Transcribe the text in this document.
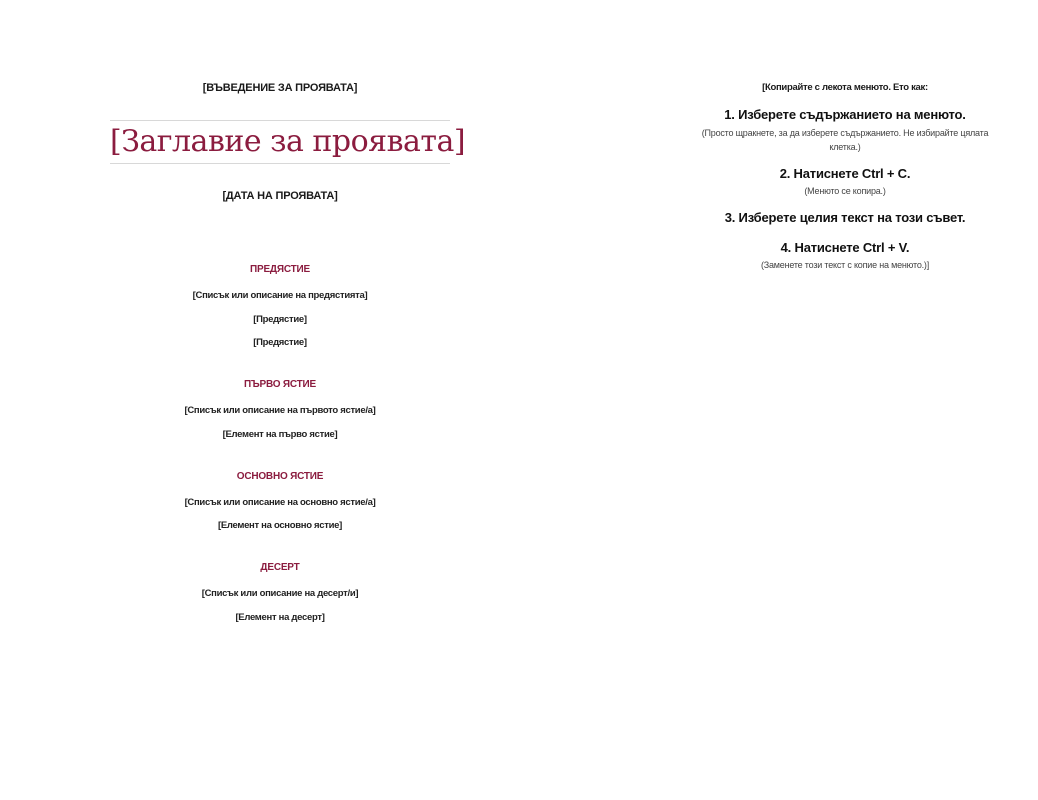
[ВЪВЕДЕНИЕ ЗА ПРОЯВАТА]
[Заглавие за проявата]
[ДАТА НА ПРОЯВАТА]
ПРЕДЯСТИЕ
[Списък или описание на предястията]
[Предястие]
[Предястие]
ПЪРВО ЯСТИЕ
[Списък или описание на първото ястие/а]
[Елемент на първо ястие]
ОСНОВНО ЯСТИЕ
[Списък или описание на основно ястие/а]
[Елемент на основно ястие]
ДЕСЕРТ
[Списък или описание на десерт/и]
[Елемент на десерт]
[Копирайте с лекота менюто. Ето как:
1. Изберете съдържанието на менюто.
(Просто щракнете, за да изберете съдържанието. Не избирайте цялата клетка.)
2. Натиснете Ctrl + C.
(Менюто се копира.)
3. Изберете целия текст на този съвет.
4. Натиснете Ctrl + V.
(Заменете този текст с копие на менюто.)]
